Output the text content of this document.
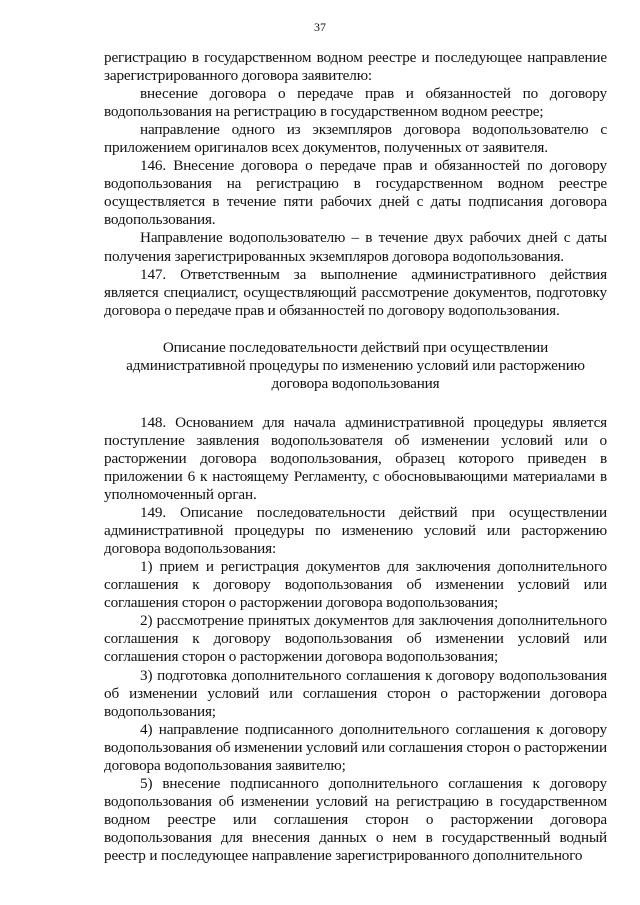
37

регистрацию в государственном водном реестре и последующее направление зарегистрированного договора заявителю:

внесение договора о передаче прав и обязанностей по договору водопользования на регистрацию в государственном водном реестре;

направление одного из экземпляров договора водопользователю с приложением оригиналов всех документов, полученных от заявителя.

146. Внесение договора о передаче прав и обязанностей по договору водопользования на регистрацию в государственном водном реестре осуществляется в течение пяти рабочих дней с даты подписания договора водопользования.

Направление водопользователю – в течение двух рабочих дней с даты получения зарегистрированных экземпляров договора водопользования.

147. Ответственным за выполнение административного действия является специалист, осуществляющий рассмотрение документов, подготовку договора о передаче прав и обязанностей по договору водопользования.

Описание последовательности действий при осуществлении
административной процедуры по изменению условий или расторжению
договора водопользования

148. Основанием для начала административной процедуры является поступление заявления водопользователя об изменении условий или о расторжении договора водопользования, образец которого приведен в приложении 6 к настоящему Регламенту, с обосновывающими материалами в уполномоченный орган.

149. Описание последовательности действий при осуществлении административной процедуры по изменению условий или расторжению договора водопользования:

1) прием и регистрация документов для заключения дополнительного соглашения к договору водопользования об изменении условий или соглашения сторон о расторжении договора водопользования;

2) рассмотрение принятых документов для заключения дополнительного соглашения к договору водопользования об изменении условий или соглашения сторон о расторжении договора водопользования;

3) подготовка дополнительного соглашения к договору водопользования об изменении условий или соглашения сторон о расторжении договора водопользования;

4) направление подписанного дополнительного соглашения к договору водопользования об изменении условий или соглашения сторон о расторжении договора водопользования заявителю;

5) внесение подписанного дополнительного соглашения к договору водопользования об изменении условий на регистрацию в государственном водном реестре или соглашения сторон о расторжении договора водопользования для внесения данных о нем в государственный водный реестр и последующее направление зарегистрированного дополнительного
